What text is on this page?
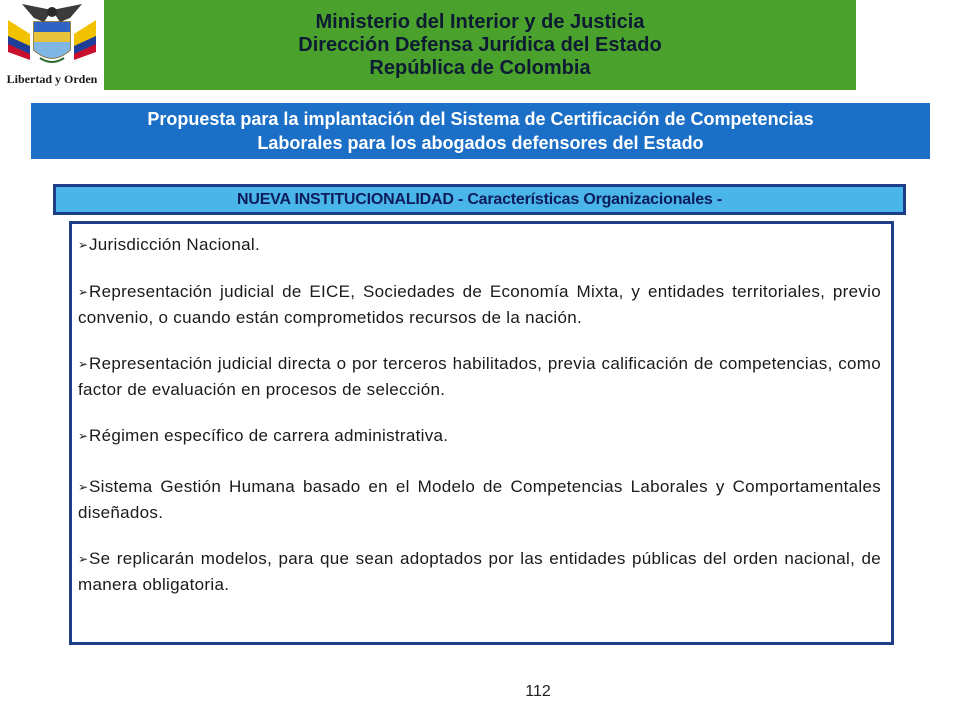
Libertad y Orden
Ministerio del Interior y de Justicia
Dirección Defensa Jurídica del Estado
República de Colombia
Propuesta para la implantación del Sistema de Certificación de Competencias
Laborales para los abogados defensores del Estado
NUEVA INSTITUCIONALIDAD - Características Organizacionales -
➢Jurisdicción Nacional.
➢Representación judicial de EICE, Sociedades de Economía Mixta, y entidades territoriales, previo convenio, o cuando están comprometidos recursos de la nación.
➢Representación judicial directa o por terceros habilitados, previa calificación de competencias, como factor de evaluación en procesos de selección.
➢Régimen específico de carrera administrativa.
➢Sistema Gestión Humana basado en el Modelo de Competencias Laborales y Comportamentales diseñados.
➢Se replicarán modelos, para que sean adoptados por las entidades públicas del orden nacional, de manera obligatoria.
112
